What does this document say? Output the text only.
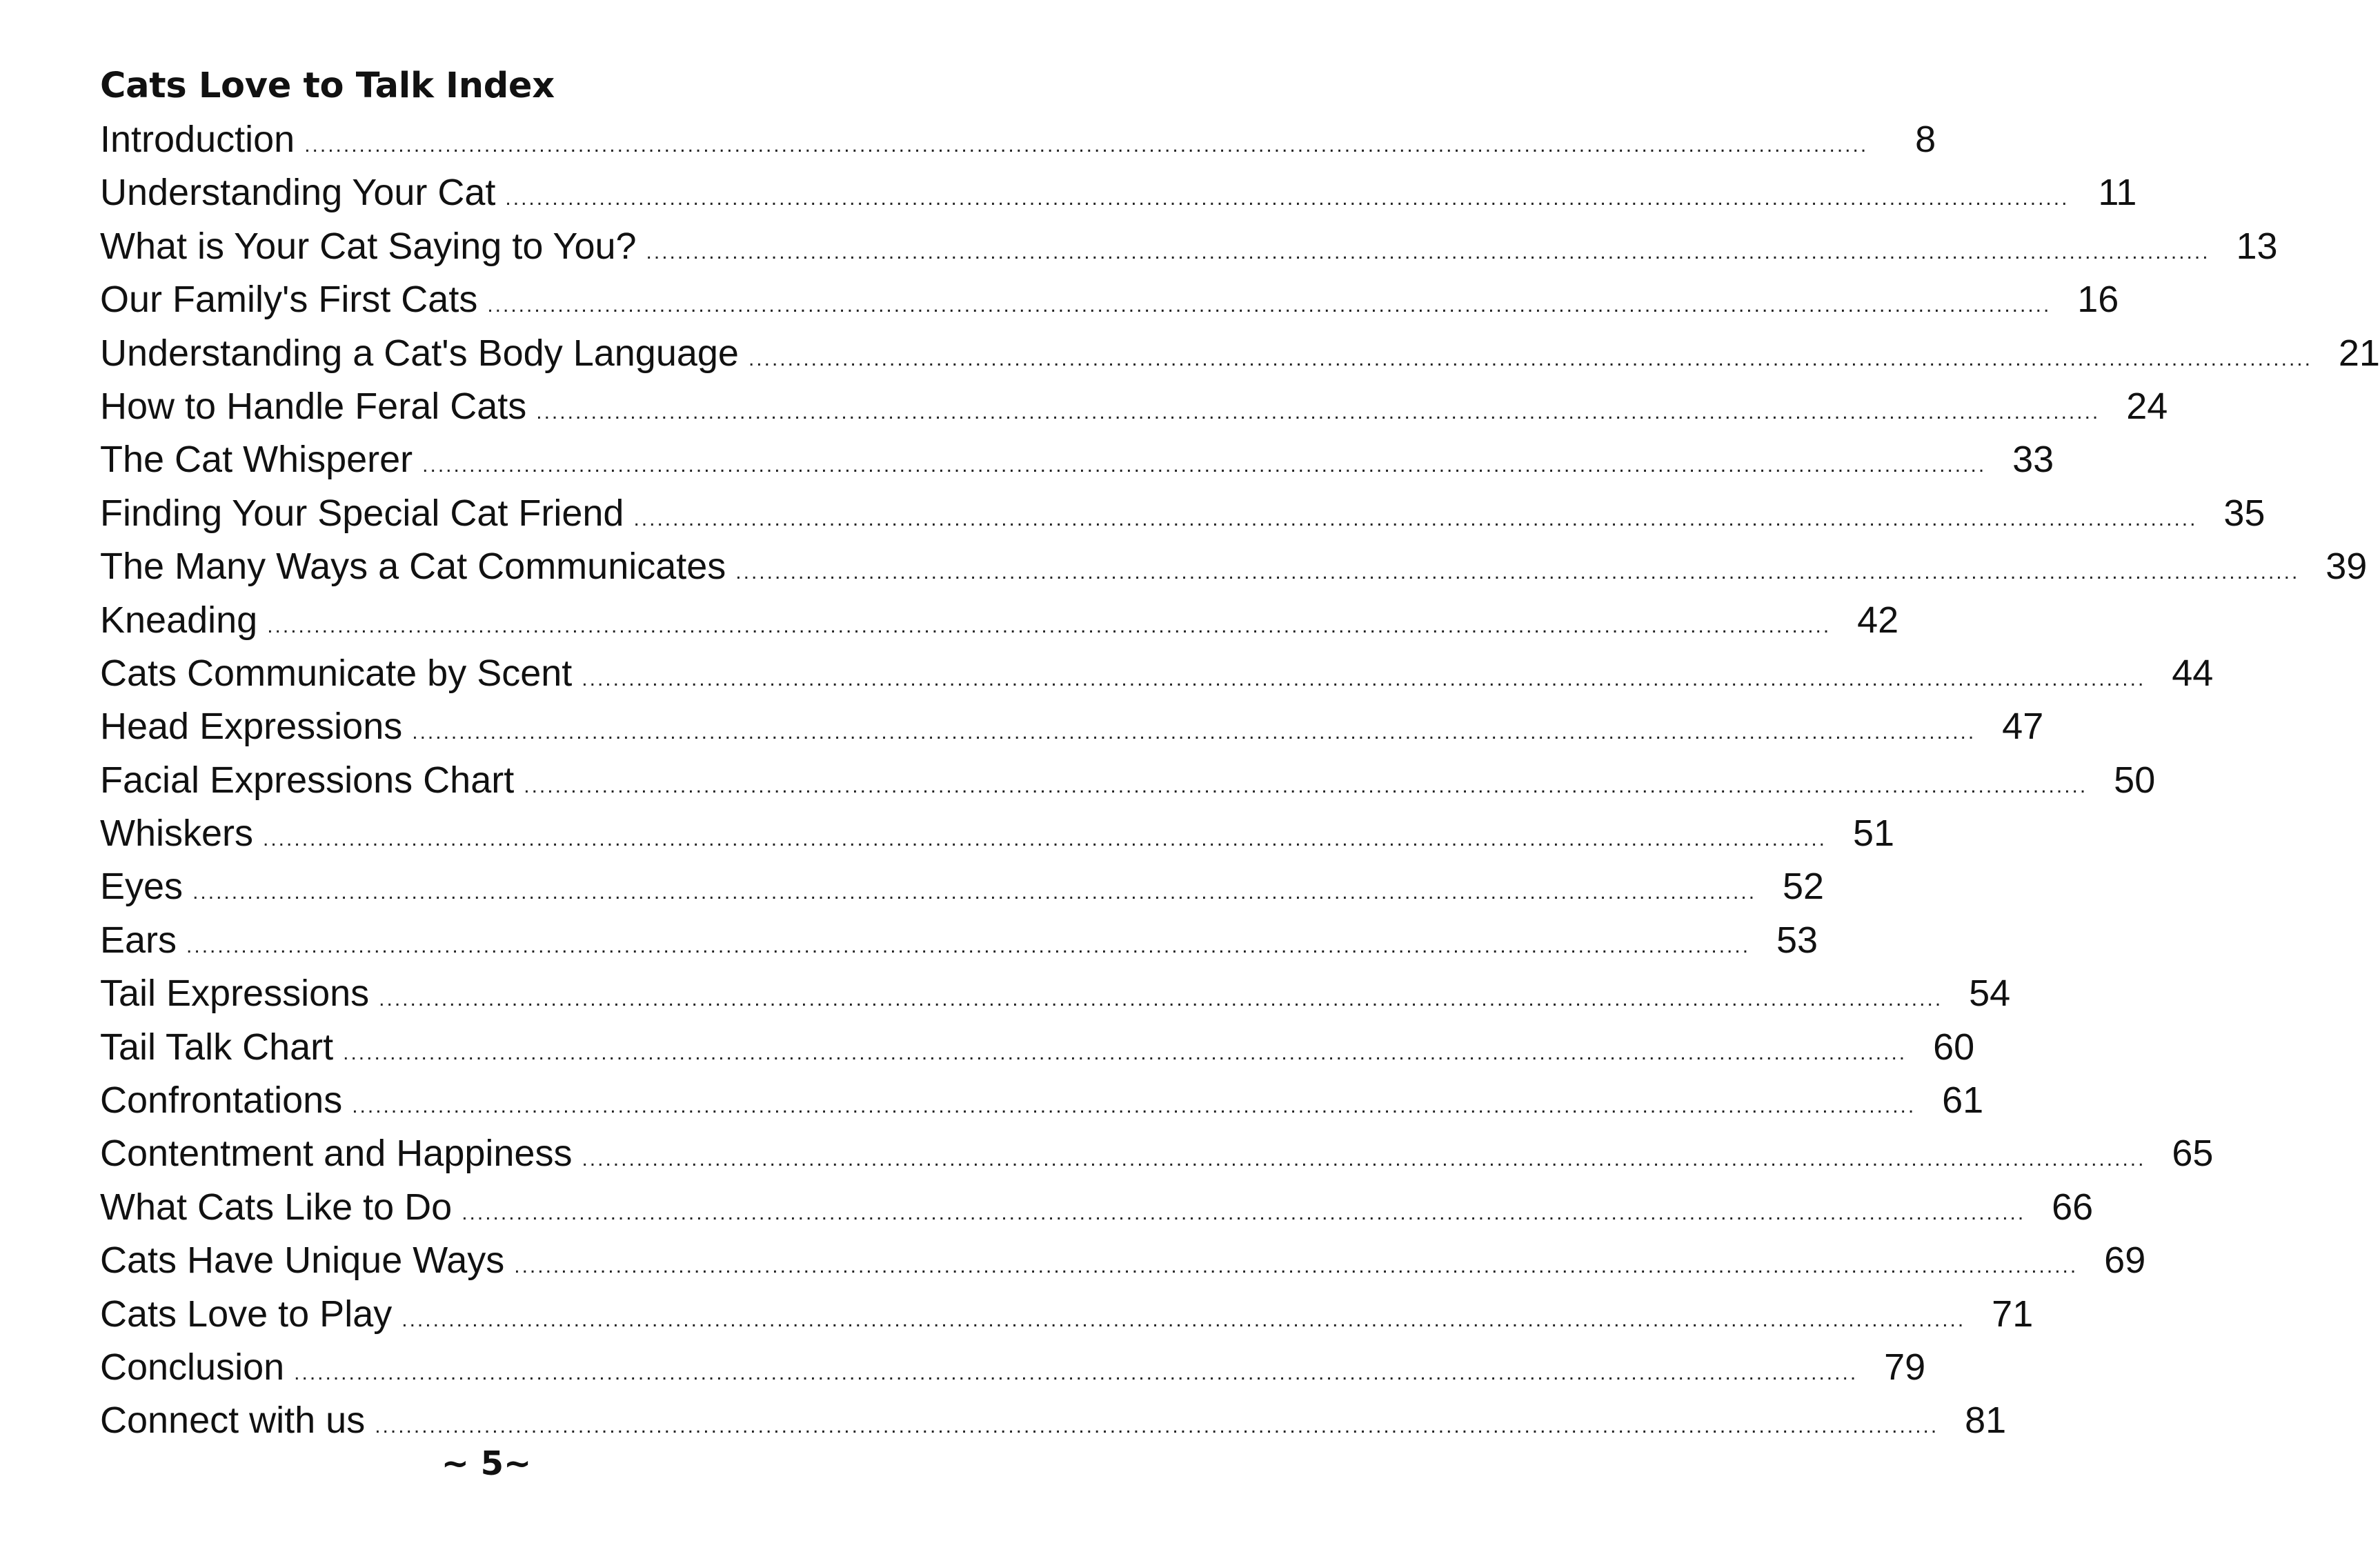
Cats Love to Talk Index
Introduction ........................................................................................................................................................................................................	8
Understanding Your Cat ........................................................................................................................................................................................................ 11
What is Your Cat Saying to You? ........................................................................................................................................................................................................ 13
Our Family's First Cats ........................................................................................................................................................................................................ 16
Understanding a Cat's Body Language ........................................................................................................................................................................................................ 21
How to Handle Feral Cats ........................................................................................................................................................................................................ 24
The Cat Whisperer ........................................................................................................................................................................................................ 33
Finding Your Special Cat Friend ........................................................................................................................................................................................................ 35
The Many Ways a Cat Communicates ........................................................................................................................................................................................................ 39
Kneading ........................................................................................................................................................................................................ 42
Cats Communicate by Scent ........................................................................................................................................................................................................ 44
Head Expressions ........................................................................................................................................................................................................ 47
Facial Expressions Chart ........................................................................................................................................................................................................ 50
Whiskers ........................................................................................................................................................................................................ 51
Eyes ........................................................................................................................................................................................................ 52
Ears ........................................................................................................................................................................................................ 53
Tail Expressions ........................................................................................................................................................................................................ 54
Tail Talk Chart ........................................................................................................................................................................................................ 60
Confrontations ........................................................................................................................................................................................................ 61
Contentment and Happiness ........................................................................................................................................................................................................ 65
What Cats Like to Do ........................................................................................................................................................................................................ 66
Cats Have Unique Ways ........................................................................................................................................................................................................ 69
Cats Love to Play ........................................................................................................................................................................................................ 71
Conclusion ........................................................................................................................................................................................................ 79
Connect with us ........................................................................................................................................................................................................ 81
~ 5~
